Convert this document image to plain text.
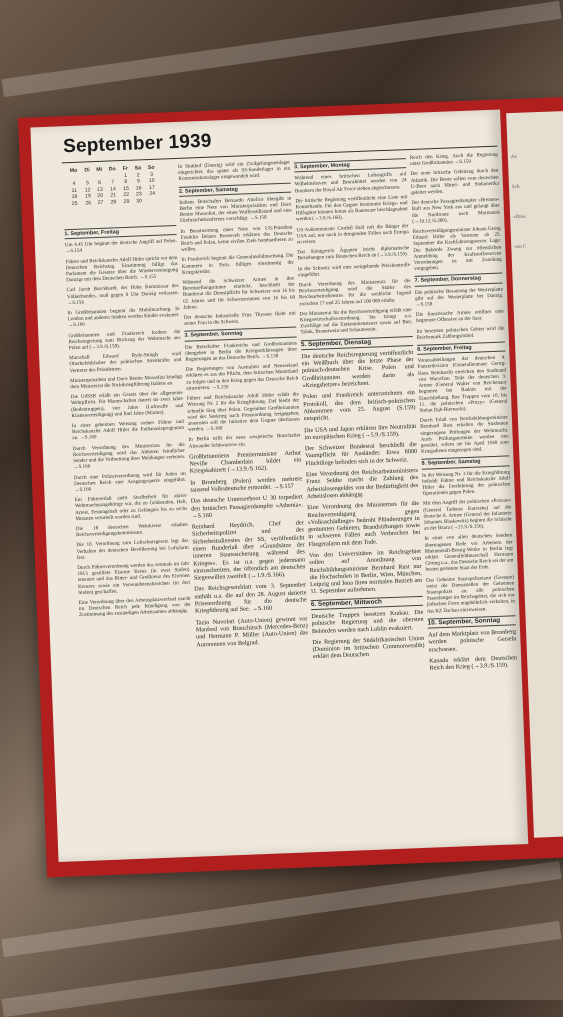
September 1939
Mo	Di	Mi	Do	Fr	Sa	So
				1	2	3
4	5	6	7	8	9	10
11	12	13	14	15	16	17
18	19	20	21	22	23	24
25	26	27	28	29	30	
1. September, Freitag
Um 4.45 Uhr beginnt der deutsche Angriff auf Polen. →S.154
Führer und Reichskanzler Adolf Hitler spricht vor dem Deutschen Reichstag. Einstimmig billigt das Parlament die Gesetze über die Wiedervereinigung Danzigs mit dem Deutschen Reich. →S.155
Carl Jacob Burckhardt, der Hohe Kommissar des Völkerbundes, muß gegen 9 Uhr Danzig verlassen. →S.156
In Großbritannien beginnt die Mobilmachung. In London und anderen Städten werden Kinder evakuiert. →S.166
Großbritannien und Frankreich fordern die Reichsregierung zum Rückzug der Wehrmacht aus Polen auf (→3.9./S.158).
Marschall Edward Rydz-Smigly wird Oberbefehlshaber der polnischen Streitkräfte und Vertreter des Präsidenten.
Ministerpräsident und Duce Benito Mussolini kündigt dem Ministerrat die Nichtkriegführung Italiens an.
Die UdSSR erläßt ein Gesetz über die allgemeine Wehrpflicht. Für Mannschaften dauert sie zwei Jahre (Bodentruppen), vier Jahre (Luftwaffe und Küstenverteidigung) und fünf Jahre (Marine).
In einer geheimen Weisung ordnet Führer und Reichskanzler Adolf Hitler die Euthanasieprogramm an. →S.169
Durch Verordnung des Ministerrats für die Reichsverteidigung wird das Abhören feindlicher Sender und die Verbreitung ihrer Meldungen verboten. →S.166
Durch eine Polizeiverordnung wird für Juden im Deutschen Reich eine Ausgangssperre eingeführt. →S.166
Ein Führererlaß sieht Strafbefreit für aktive Wehrmachtsangehörige vor, die zu Geldstrafen, Haft, Arrest, Festungshaft oder zu Gefängnis bis zu sechs Monaten verurteilt worden sind.
Die 18 deutschen Wehrkreise erhalten Reichsverteidigungskommissare.
Die 10. Verordnung zum Luftschutzgesetz legt das Verhalten der deutschen Bevölkerung bei Luftalarm fest.
Durch Führerverordnung werden das erstmals im Jahr 1813 gestiftete Eiserne Kreuz (in zwei Stufen) erneuert und das Ritter- und Großkreuz des Eisernen Kreuzes sowie ein Verwundetenabzeichen (in drei Stufen) geschaffen.
Eine Verordnung über den Arbeitsplatzwechsel macht im Deutschen Reich jede Kündigung von der Zustimmung des zuständigen Arbeitsamtes abhängig.
In Stutthof (Danzig) wird ein Zivilgefangenenlager eingerichtet, das später als SS-Sonderlager in ein Konzentrationslager umgewandelt wird.
2. September, Samstag
Italiens Botschafter Bernardo Attolico übergibt in Berlin eine Note von Ministerpräsident und Duce Benito Mussolini, der einen Waffenstillstand und eine Fünfmächtekonferenz vorschlägt. →S.158
In Beantwortung einer Note von US-Präsident Franklin Delano Roosevelt erklären das Deutsche Reich und Polen, keine zivilen Ziele bombardieren zu wollen.
In Frankreich beginnt die Generalmobilmachung. Die Kammern in Paris billigen einstimmig die Kriegskredite.
Während die Schweizer Armee in ihre Bereitstellungsräume einrückt, beschließt der Bundesrat die Dienstpflicht für Schweizer von 16 bis 65 Jahren und für Schweizerinnen von 16 bis 60 Jahren.
Der deutsche Industrielle Fritz Thyssen flieht mit seiner Frau in die Schweiz.
3. September, Sonntag
Die Botschafter Frankreichs und Großbritanniens übergeben in Berlin die Kriegserklärungen ihrer Regierungen an das Deutsche Reich. →S.158
Die Regierungen von Australien und Neuseeland erklären es aus der Pflicht, dem britischen Mutterland zu folgen und in den Krieg gegen das Deutsche Reich einzutreten. →S.159
Führer und Reichskanzler Adolf Hitler erläßt die Weisung Nr. 2 für die Kriegführung. Ziel bleibt der schnelle Sieg über Polen. Gegenüber Großbritannien wird der Seekrieg nach Prisenordnung freigegeben, ansonsten soll die Initiative dem Gegner überlassen werden. →S.160
In Berlin trifft der neue sowjetische Botschafter Alexander Schkwarzew ein.
Großbritanniens Premierminister Arthur Neville Chamberlain bildet ein Kriegskabinett (→13.9./S.162).
In Bromberg (Polen) werden mehrere tausend Volksdeutsche ermordet. →S.157
Das deutsche Unterseeboot U 30 torpediert den britischen Passagierdampfer »Athenia«. →S.160
Reinhard Heydrich, Chef der Sicherheitspolizei und des Sicherheitsdienstes der SS, veröffentlicht einen Runderlaß über »Grundsätze der inneren Staatssicherung während des Krieges«. Es ist u.a. gegen jedermann einzuschreiten, der öffentlich am deutschen Siegeswillen zweifelt (→1.9./S.166).
Das Reichsgesetzblatt vom 3. September enthält u.a. die auf den 28. August datierte Prisenordnung für die deutsche Kriegführung auf See. →S.160
Tazio Nuvolari (Auto-Union) gewinnt vor Manfred von Brauchitsch (Mercedes-Benz) und Hermann P. Müller (Auto-Union) das Autorennen von Belgrad.
3. September, Montag
Während eines britischen Luftangriffs auf Wilhelmshaven und Brunsbüttel werden von 24 Bombern der Royal Air Force sieben abgeschossen.
Die britische Regierung veröffentlicht eine Liste mit Konterbande. Für den Gegner bestimmte Kriegs- und Hilfsgüter können fortan als Bannware beschlagnahmt werden (→3.9./S.160).
US-Außenminister Cordell Hull ruft die Bürger der USA auf, nur noch in dringenden Fällen nach Europa zu reisen.
Das Königreich Ägypten bricht diplomatische Beziehungen zum Deutschen Reich ab (→3.9./S.159).
In der Schweiz wird eine weitgehende Preiskontrolle eingeführt.
Durch Verordnung des Ministerrats für die Reichsverteidigung wird die Stärke des Reichsarbeitsdienstes für die weibliche Jugend zwischen 17 und 25 Jahren auf 100 000 erhöht.
Der Ministerrat für die Reichsverteidigung erläßt eine Kriegswirtschaftsverordnung. Sie bringt u.a. Zuschläge auf die Einkommensteuer sowie auf Bier, Tabak, Branntwein und Schaumwein.
5. September, Dienstag
Die deutsche Reichsregierung veröffentlicht ein Weißbuch über die letzte Phase der polnisch-deutschen Krise. Polen und Großbritannien werden darin als »Kriegshetzer« bezeichnet.
Polen und Frankreich unterzeichnen ein Protokoll, das dem britisch-polnischen Abkommen vom 25. August (S.159) entspricht.
Die USA und Japan erklären ihre Neutralität im europäischen Krieg (→5.9./S.159).
Der Schweizer Bundesrat beschließt die Vaumpflicht für Ausländer. Etwa 8000 Flüchtlinge befinden sich in der Schweiz.
Eine Verordnung des Reichsarbeitsministers Franz Seldte macht die Zahlung des Arbeitslosengeldes von der Bedürftigkeit des Arbeitslosen abhängig.
Eine Verordnung des Ministerrats für die Reichsverteidigung gegen »Volksschädlinge« bedroht Plünderungen in geräumten Gebieten, Brandstiftungen sowie in schweren Fällen auch Verbrechen bei Fliegeralarm mit dem Tode.
Von den Universitäten im Reichsgebiet sollen auf Anordnung von Reichsbildungsminister Bernhard Rust nur die Hochschulen in Berlin, Wien, München, Leipzig und Jena ihren normalen Betrieb am 11. September aufnehmen.
6. September, Mittwoch
Deutsche Truppen besetzen Krakau. Die polnische Regierung und die obersten Behörden werden nach Lublin evakuiert.
Die Regierung der Südafrikanischen Union (Dominion im britischen Commonwealth) erklärt dem Deutschen
Reich den Krieg. Auch die Regierung unter Großbritannien →S.159
Der erste britische Geleitzug durch den Atlantik. Die Boote sollen vom deutschen U-Boot nach Mittel- und Südamerika geleitet werden.
Der deutsche Passagierdampfer »Bremen« läuft aus New York aus und gelangt über die Nordroute nach Murmansk (→19.12./S.200).
Reichsverteidigungsminister Johann Georg Eduard Hitler als Vertreter ab 25. September die Kraftfahrzeugwesen. Lage: Die Behörde Zwang zur öffentlichen Anmeldung der Kraftstoffreserven Verordnungen ist mit Zuteilung vorgegeben.
7. September, Donnerstag
Die polnische Besatzung der Westerplatte gibt auf der Westerplatte bei Danzig. →S.158
Die französische Armee eröffnet eine begrenzte Offensive an der Saar.
Im besetzten polnischen Gebiet wird die Reichsmark Zahlungsmittel.
8. September, Freitag
Vorausabteilungen der deutschen 4. Panzerdivision (Generalleutnant Georg-Hans Reinhardt) erreichen den Stadtrand von Warschau. Teile der deutschen 3. Armee (General Walter von Reichenau) beginnen bei Radom mit der Einschließung. Ihre Truppen vom 10. bis 11. die polnischen »Pruzy« (General Stefan Dąb-Biernacki).
Durch Erlaß von Reichsbildungsminister Bernhard Rust erhalten die Studenten eingezogene Prüfungen der Wehrmacht. Auch Prüfungstermine werden neu gewährt, sofern sie bis April 1940 zum Kriegsdienst eingezogen sind.
9. September, Samstag
In der Weisung Nr. 3 für die Kriegführung befiehlt Führer und Reichskanzler Adolf Hitler die Fortführung der polnischen Operationen gegen Polen.
Mit dem Angriff der polnischen »Poznan« (General Tadeusz Kutrzeba) auf die deutsche 8. Armee (General der Infanterie Johannes Blaskowitz) beginnt die Schlacht an der Bzura (→21.9./S.156).
In einer von allen deutschen Sendern übertragenen Rede vor Arbeitern der Rheinmetall-Borsig-Werke in Berlin legt erklärt Generalfeldmarschall Hermann Göring u.a., das Deutsche Reich sei der am besten gerüstete Staat der Erde.
Das Geheime Staatspolizeiamt (Gestapo) weist die Dienststellen der Geheimen Staatspolizei an, alle polnischen Staatsbürger im Reichsgebiet, die sich vor jüdischen Form ungebührlich verhalten, in das KZ Dachau einzuweisen.
10. September, Sonntag
Auf dem Marktplatz von Bromberg werden polnische Geiseln erschossen.
Kanada erklärt dem Deutschen Reich den Krieg (→3.9./S.159).
Al-
Sch
»Düss
von C
